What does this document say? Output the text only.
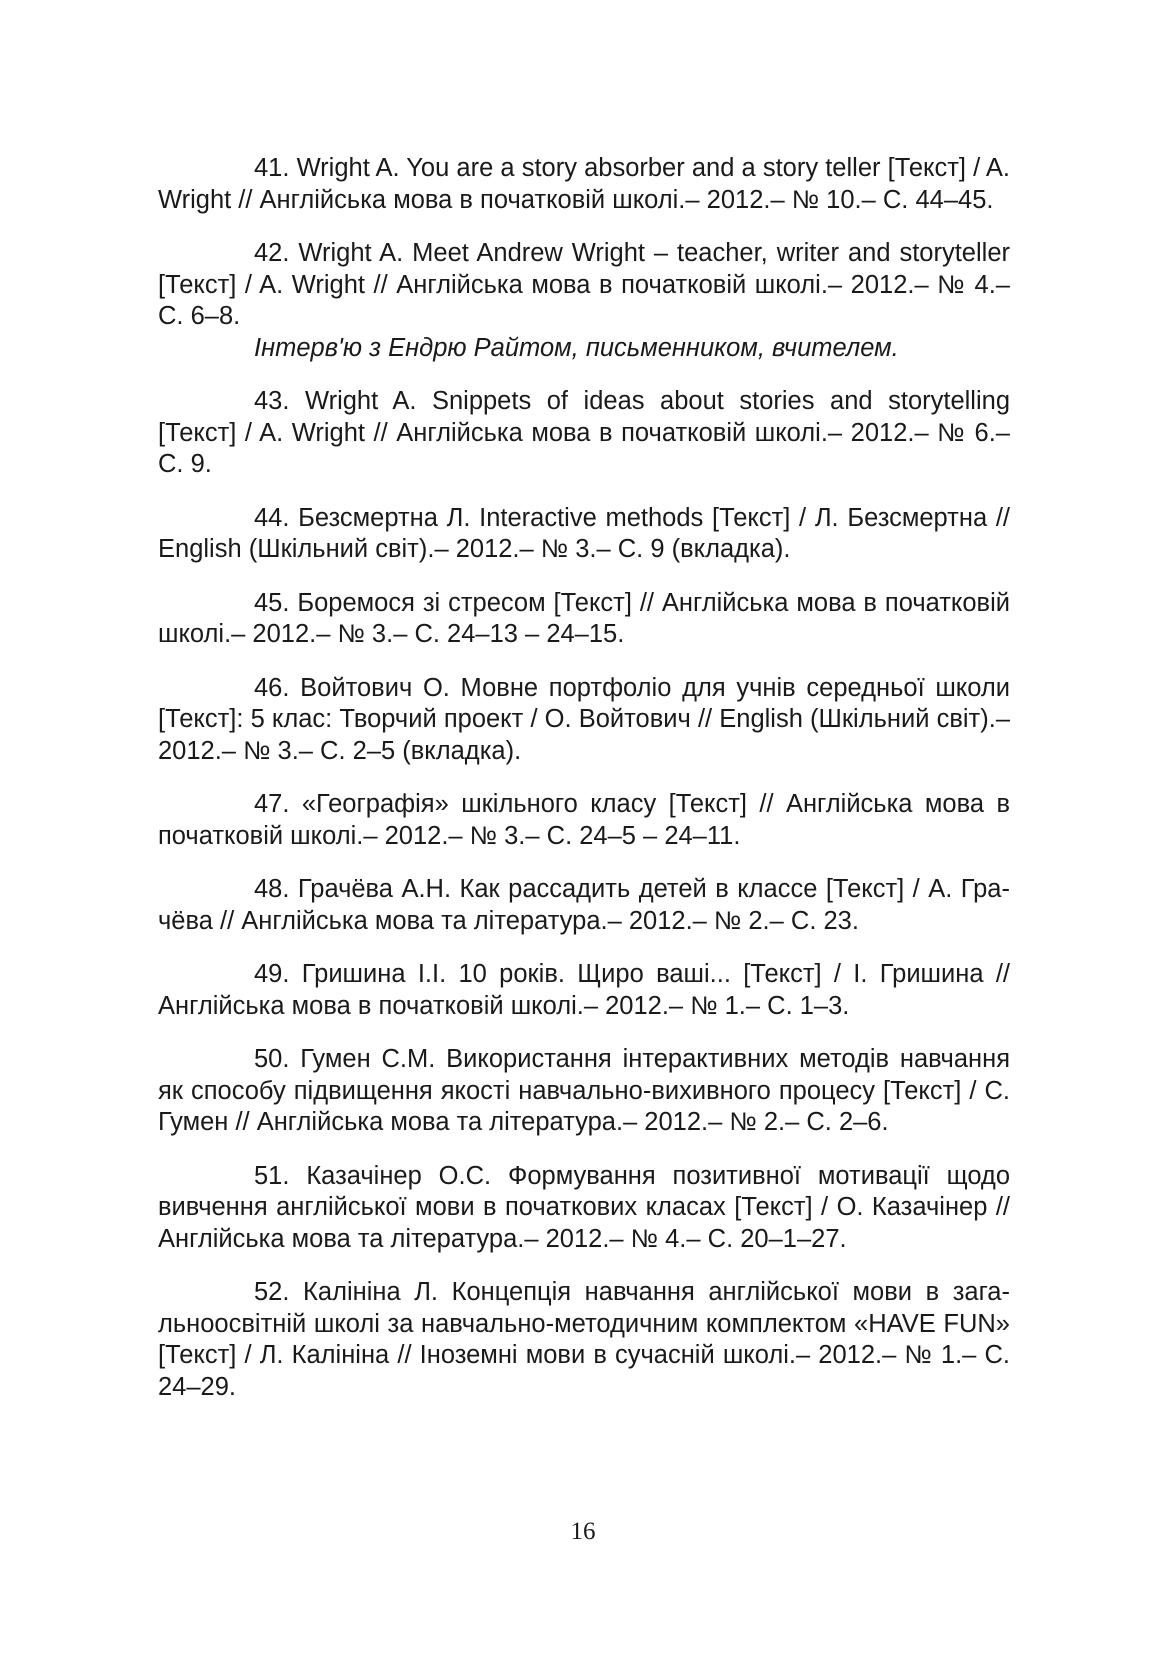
41. Wright A. You are a story absorber and a story teller [Текст] / A. Wright // Англійська мова в початковій школі.– 2012.– № 10.– С. 44–45.

42. Wright A. Meet Andrew Wright – teacher, writer and storyteller [Текст] / A. Wright // Англійська мова в початковій школі.– 2012.– № 4.– С. 6–8.

Інтерв'ю з Ендрю Райтом, письменником, вчителем.

43. Wright A. Snippets of ideas about stories and storytelling [Текст] / A. Wright // Англійська мова в початковій школі.– 2012.– № 6.– С. 9.

44. Безсмертна Л. Interactive methods [Текст] / Л. Безсмертна // English (Шкільний світ).– 2012.– № 3.– С. 9 (вкладка).

45. Боремося зі стресом [Текст] // Англійська мова в початковій школі.– 2012.– № 3.– С. 24–13 – 24–15.

46. Войтович О. Мовне портфоліо для учнів середньої школи [Текст]: 5 клас: Творчий проект / О. Войтович // English (Шкільний світ).– 2012.– № 3.– С. 2–5 (вкладка).

47. «Географія» шкільного класу [Текст] // Англійська мова в початковій школі.– 2012.– № 3.– С. 24–5 – 24–11.

48. Грачёва А.Н. Как рассадить детей в классе [Текст] / А. Грачёва // Англійська мова та література.– 2012.– № 2.– С. 23.

49. Гришина І.І. 10 років. Щиро ваші... [Текст] / І. Гришина // Англійська мова в початковій школі.– 2012.– № 1.– С. 1–3.

50. Гумен С.М. Використання інтерактивних методів навчання як способу підвищення якості навчально-вихивного процесу [Текст] / С. Гумен // Англійська мова та література.– 2012.– № 2.– С. 2–6.

51. Казачінер О.С. Формування позитивної мотивації щодо вивчення англійської мови в початкових класах [Текст] / О. Казачінер // Англійська мова та література.– 2012.– № 4.– С. 20–1–27.

52. Калініна Л. Концепція навчання англійської мови в загальноосвітній школі за навчально-методичним комплектом «HAVE FUN» [Текст] / Л. Калініна // Іноземні мови в сучасній школі.– 2012.– № 1.– С. 24–29.

16
